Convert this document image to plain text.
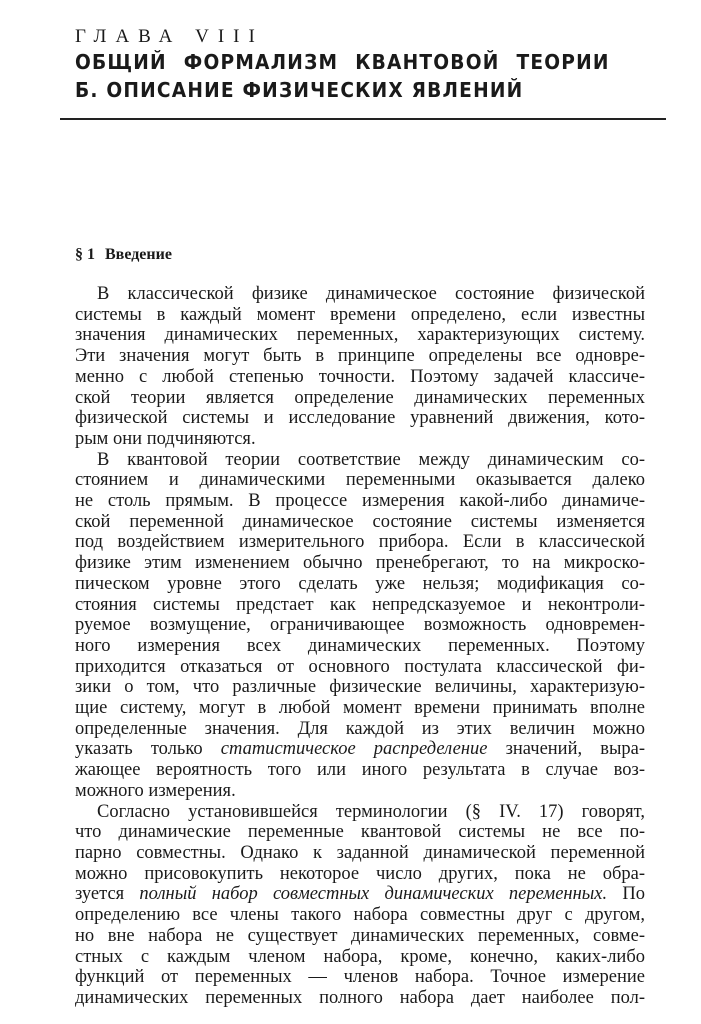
ГЛАВА VIII
ОБЩИЙ ФОРМАЛИЗМ КВАНТОВОЙ ТЕОРИИ
Б. ОПИСАНИЕ ФИЗИЧЕСКИХ ЯВЛЕНИЙ
§ 1 Введение
В классической физике динамическое состояние физической
системы в каждый момент времени определено, если известны
значения динамических переменных, характеризующих систему.
Эти значения могут быть в принципе определены все одновре-
менно с любой степенью точности. Поэтому задачей классиче-
ской теории является определение динамических переменных
физической системы и исследование уравнений движения, кото-
рым они подчиняются.
В квантовой теории соответствие между динамическим со-
стоянием и динамическими переменными оказывается далеко
не столь прямым. В процессе измерения какой-либо динамиче-
ской переменной динамическое состояние системы изменяется
под воздействием измерительного прибора. Если в классической
физике этим изменением обычно пренебрегают, то на микроско-
пическом уровне этого сделать уже нельзя; модификация со-
стояния системы предстает как непредсказуемое и неконтроли-
руемое возмущение, ограничивающее возможность одновремен-
ного измерения всех динамических переменных. Поэтому
приходится отказаться от основного постулата классической фи-
зики о том, что различные физические величины, характеризую-
щие систему, могут в любой момент времени принимать вполне
определенные значения. Для каждой из этих величин можно
указать только статистическое распределение значений, выра-
жающее вероятность того или иного результата в случае воз-
можного измерения.
Согласно установившейся терминологии (§ IV. 17) говорят,
что динамические переменные квантовой системы не все по-
парно совместны. Однако к заданной динамической переменной
можно присовокупить некоторое число других, пока не обра-
зуется полный набор совместных динамических переменных. По
определению все члены такого набора совместны друг с другом,
но вне набора не существует динамических переменных, совме-
стных с каждым членом набора, кроме, конечно, каких-либо
функций от переменных — членов набора. Точное измерение
динамических переменных полного набора дает наиболее пол-
